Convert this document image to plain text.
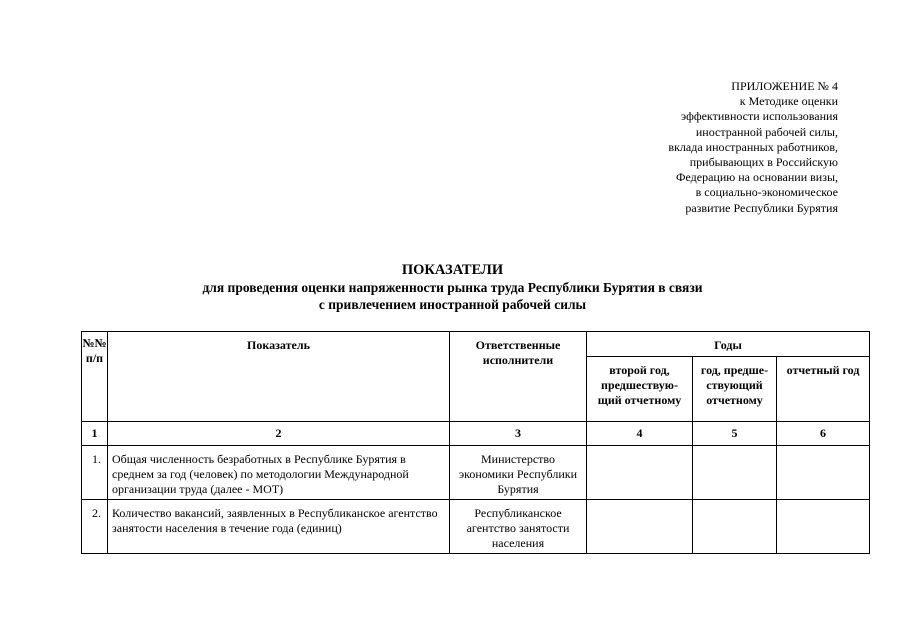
ПРИЛОЖЕНИЕ № 4
к Методике оценки
эффективности использования
иностранной рабочей силы,
вклада иностранных работников,
прибывающих в Российскую
Федерацию на основании визы,
в социально-экономическое
развитие Республики Бурятия
ПОКАЗАТЕЛИ
для проведения оценки напряженности рынка труда Республики Бурятия в связи
с привлечением иностранной рабочей силы
№№ п/п	Показатель	Ответственные исполнители	Годы		
			второй год, предшествую-щий отчетному	год, предше-ствующий отчетному	отчетный год
1	2	3	4	5	6
1.	Общая численность безработных в Республике Бурятия в среднем за год (человек) по методологии Международной организации труда (далее - МОТ)	Министерство экономики Республики Бурятия			
2.	Количество вакансий, заявленных в Республиканское агентство занятости населения в течение года (единиц)	Республиканское агентство занятости населения			
